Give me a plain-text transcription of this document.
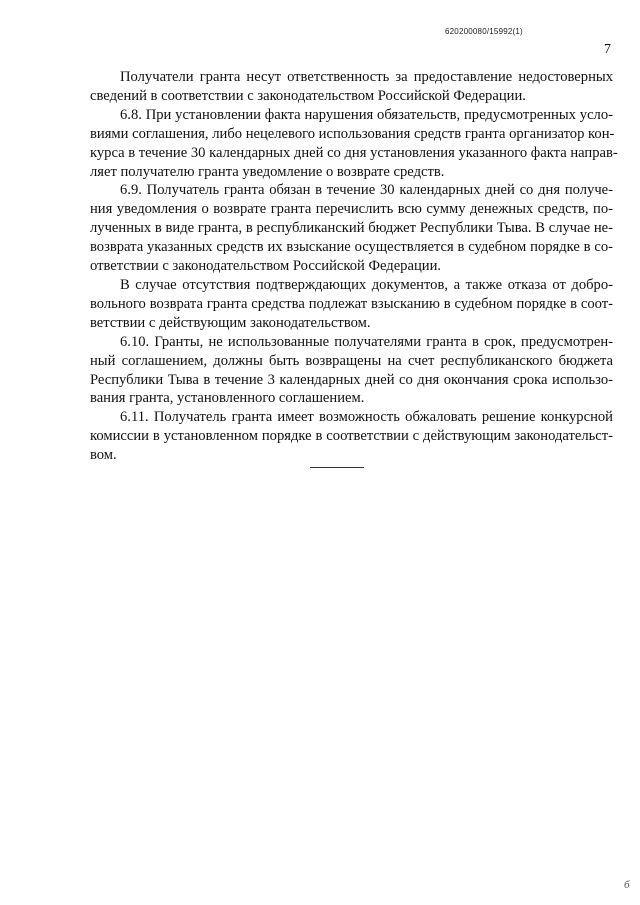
620200080/15992(1)
7
Получатели гранта несут ответственность за предоставление недостоверных
сведений в соответствии с законодательством Российской Федерации.
6.8. При установлении факта нарушения обязательств, предусмотренных усло-
виями соглашения, либо нецелевого использования средств гранта организатор кон-
курса в течение 30 календарных дней со дня установления указанного факта направ-
ляет получателю гранта уведомление о возврате средств.
6.9. Получатель гранта обязан в течение 30 календарных дней со дня получе-
ния уведомления о возврате гранта перечислить всю сумму денежных средств, по-
лученных в виде гранта, в республиканский бюджет Республики Тыва. В случае не-
возврата указанных средств их взыскание осуществляется в судебном порядке в со-
ответствии с законодательством Российской Федерации.
В случае отсутствия подтверждающих документов, а также отказа от добро-
вольного возврата гранта средства подлежат взысканию в судебном порядке в соот-
ветствии с действующим законодательством.
6.10. Гранты, не использованные получателями гранта в срок, предусмотрен-
ный соглашением, должны быть возвращены на счет республиканского бюджета
Республики Тыва в течение 3 календарных дней со дня окончания срока использо-
вания гранта, установленного соглашением.
6.11. Получатель гранта имеет возможность обжаловать решение конкурсной
комиссии в установленном порядке в соответствии с действующим законодательст-
вом.
б
